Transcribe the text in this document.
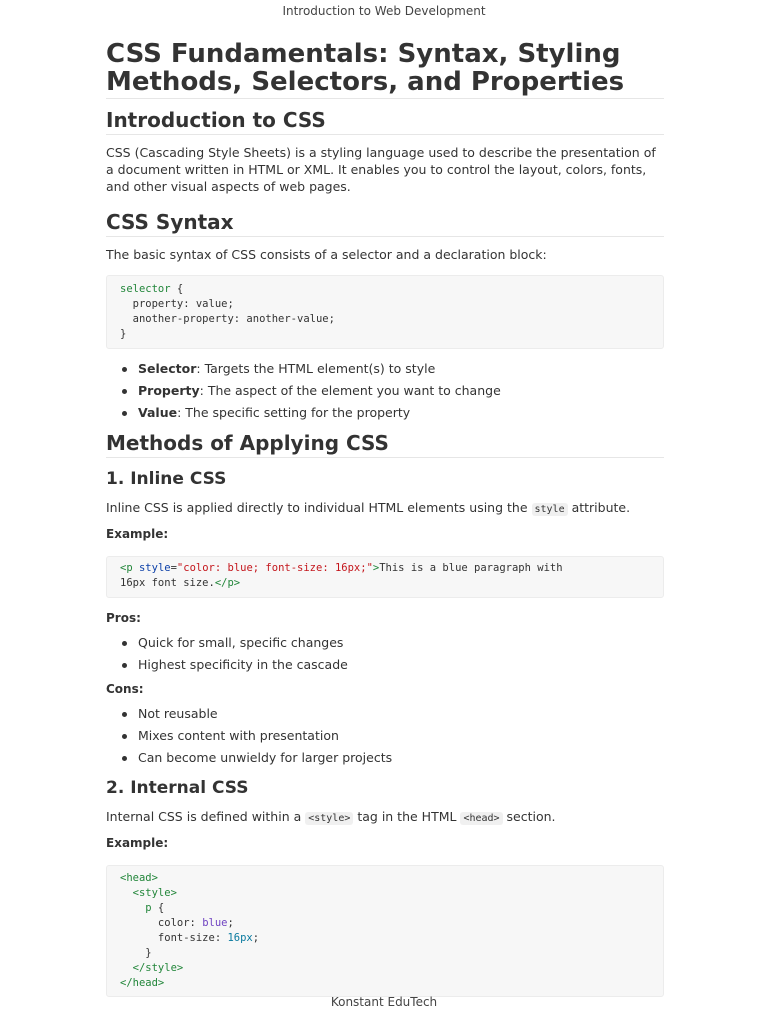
Introduction to Web Development
CSS Fundamentals: Syntax, Styling Methods, Selectors, and Properties
Introduction to CSS

CSS (Cascading Style Sheets) is a styling language used to describe the presentation of a document written in HTML or XML. It enables you to control the layout, colors, fonts, and other visual aspects of web pages.

CSS Syntax

The basic syntax of CSS consists of a selector and a declaration block:

selector {
property: value;
another-property: another-value;
}
Selector: Targets the HTML element(s) to style
Property: The aspect of the element you want to change
Value: The specific setting for the property
Methods of Applying CSS
1. Inline CSS

Inline CSS is applied directly to individual HTML elements using the style attribute.

Example:

<p style="color: blue; font-size: 16px;">This is a blue paragraph with
16px font size.</p>

Pros:

Quick for small, specific changes
Highest specificity in the cascade

Cons:

Not reusable
Mixes content with presentation
Can become unwieldy for larger projects
2. Internal CSS

Internal CSS is defined within a <style> tag in the HTML <head> section.

Example:

<head>
<style>
p {
color: blue;
font-size: 16px;
}
</style>
</head>
Konstant EduTech
